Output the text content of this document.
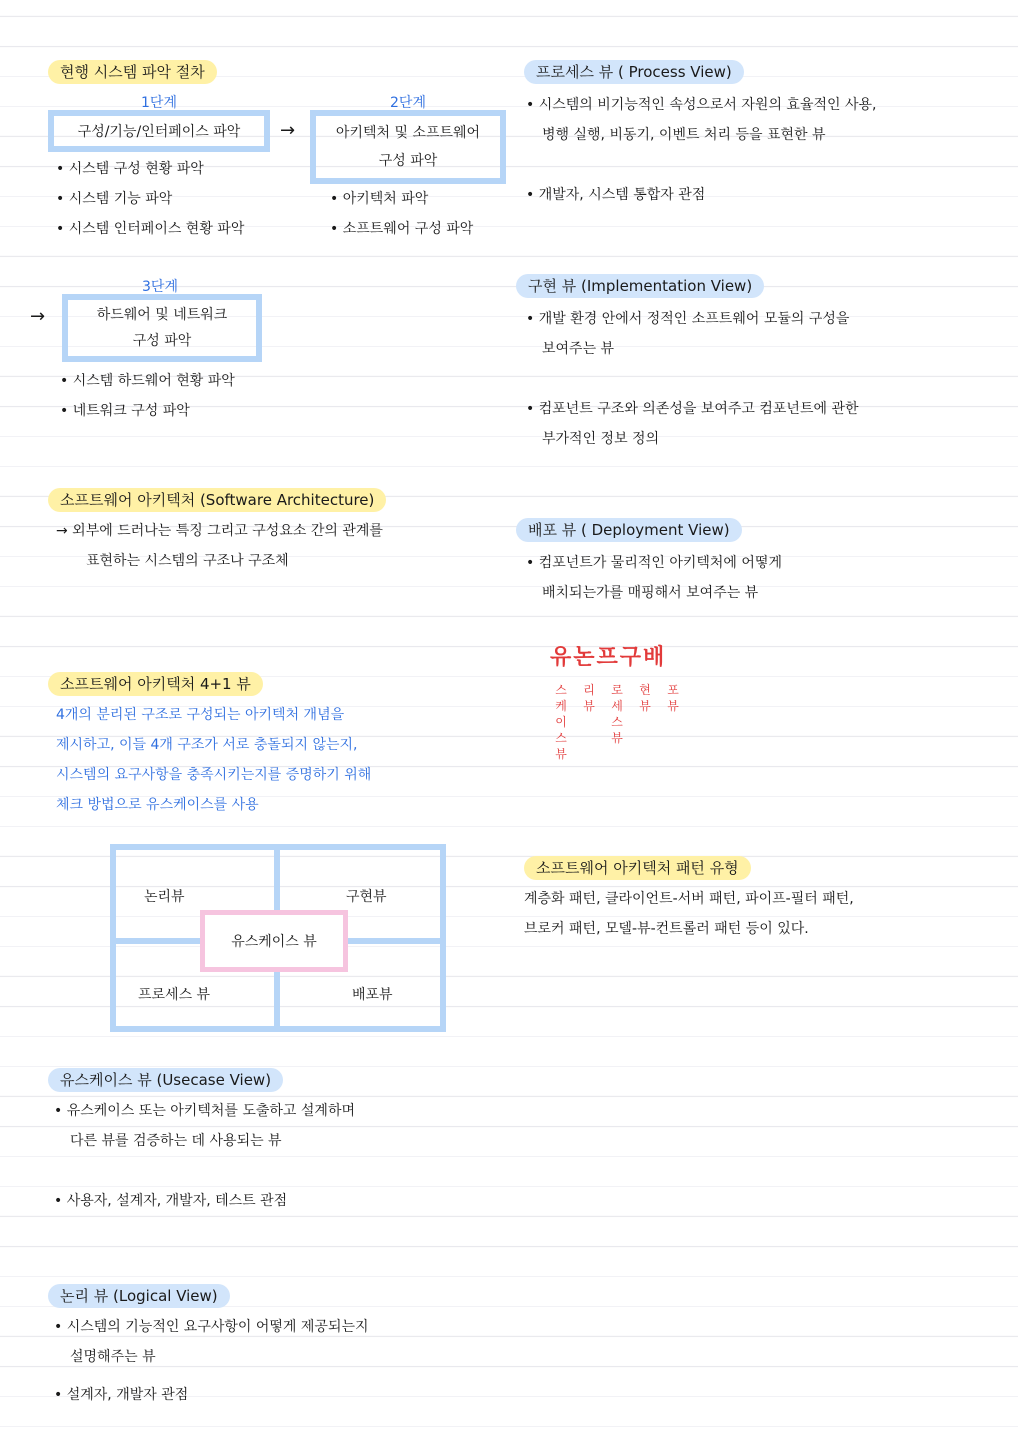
현행 시스템 파악 절차
1단계
구성/기능/인터페이스 파악 →
2단계
아키텍처 및 소프트웨어
구성 파악
• 시스템 구성 현황 파악
• 시스템 기능 파악
• 시스템 인터페이스 현황 파악
• 아키텍처 파악
• 소프트웨어 구성 파악
3단계
→	하드웨어 및 네트워크
구성 파악
• 시스템 하드웨어 현황 파악
• 네트워크 구성 파악
소프트웨어 아키텍처 (Software Architecture)
→ 외부에 드러나는 특징 그리고 구성요소 간의 관계를
표현하는 시스템의 구조나 구조체
소프트웨어 아키텍처 4+1 뷰
4개의 분리된 구조로 구성되는 아키텍처 개념을
제시하고, 이들 4개 구조가 서로 충돌되지 않는지,
시스템의 요구사항을 충족시키는지를 증명하기 위해
체크 방법으로 유스케이스를 사용
논리뷰	구현뷰
프로세스 뷰	배포뷰
유스케이스 뷰
유스케이스 뷰 (Usecase View)
• 유스케이스 또는 아키텍처를 도출하고 설계하며
다른 뷰를 검증하는 데 사용되는 뷰
• 사용자, 설계자, 개발자, 테스트 관점
논리 뷰 (Logical View)
• 시스템의 기능적인 요구사항이 어떻게 제공되는지
설명해주는 뷰
• 설계자, 개발자 관점
프로세스 뷰 ( Process View)
• 시스템의 비기능적인 속성으로서 자원의 효율적인 사용,
병행 실행, 비동기, 이벤트 처리 등을 표현한 뷰
• 개발자, 시스템 통합자 관점
구현 뷰 (Implementation View)
• 개발 환경 안에서 정적인 소프트웨어 모듈의 구성을
보여주는 뷰
• 컴포넌트 구조와 의존성을 보여주고 컴포넌트에 관한
부가적인 정보 정의
배포 뷰 ( Deployment View)
• 컴포넌트가 물리적인 아키텍처에 어떻게
배치되는가를 매핑해서 보여주는 뷰
유논프구배
스
케
이
스
뷰
리
뷰
로
세
스
뷰
현
뷰
포
뷰
소프트웨어 아키텍처 패턴 유형
계층화 패턴, 클라이언트-서버 패턴, 파이프-필터 패턴,
브로커 패턴, 모델-뷰-컨트롤러 패턴 등이 있다.
